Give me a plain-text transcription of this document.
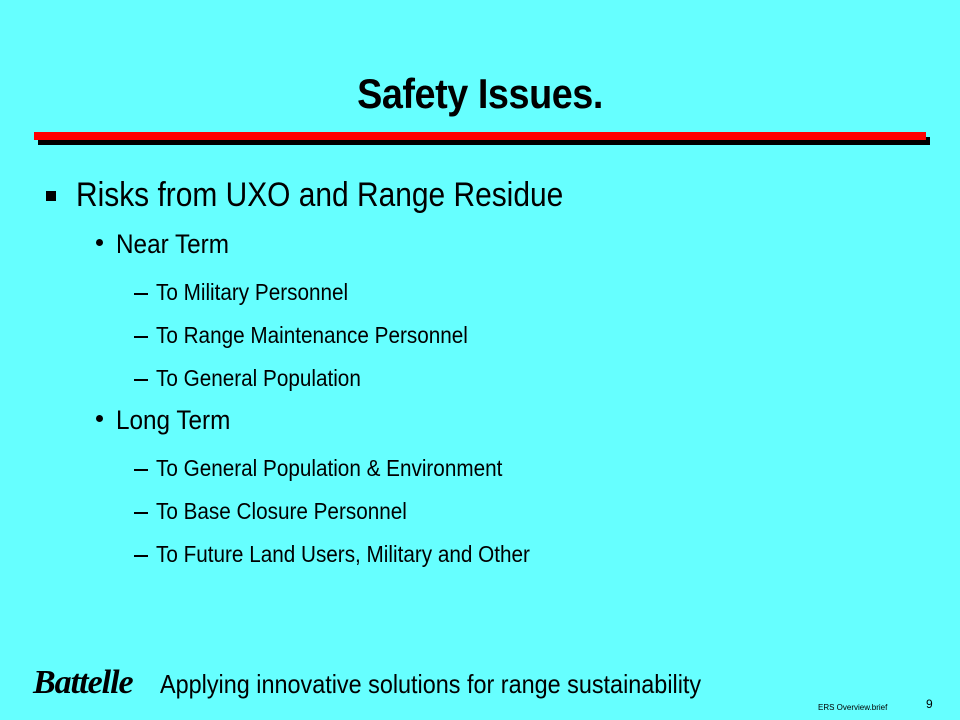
Safety Issues.
Risks from UXO and Range Residue
Near Term
To Military Personnel
To Range Maintenance Personnel
To General Population
Long Term
To General Population & Environment
To Base Closure Personnel
To Future Land Users, Military and Other
Battelle Applying innovative solutions for range sustainability
ERS Overview.brief	9
